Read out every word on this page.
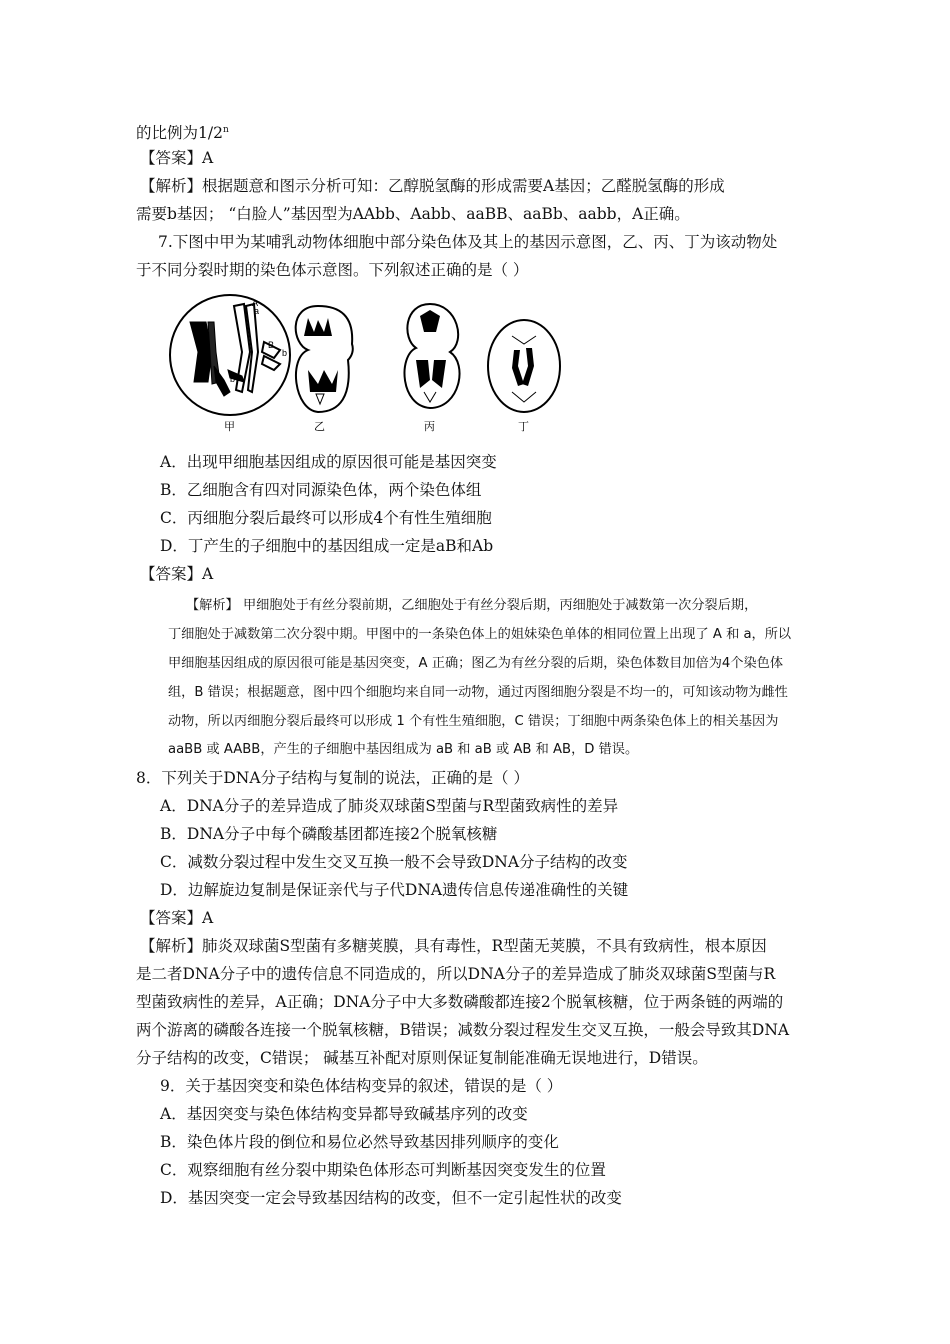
的比例为1/2$^n$
【答案】A
【解析】根据题意和图示分析可知：乙醇脱氢酶的形成需要A基因；乙醛脱氢酶的形成
需要b基因； “白脸人”基因型为AAbb、Aabb、aaBB、aaBb、aabb，A正确。
7.下图中甲为某哺乳动物体细胞中部分染色体及其上的基因示意图，乙、丙、丁为该动物处
于不同分裂时期的染色体示意图。下列叙述正确的是（ ）
A
a
B
b
b
甲	乙	丙	丁
A．出现甲细胞基因组成的原因很可能是基因突变
B．乙细胞含有四对同源染色体，两个染色体组
C．丙细胞分裂后最终可以形成4个有性生殖细胞
D．丁产生的子细胞中的基因组成一定是aB和Ab
【答案】A
【解析】 甲细胞处于有丝分裂前期，乙细胞处于有丝分裂后期，丙细胞处于减数第一次分裂后期，
丁细胞处于减数第二次分裂中期。甲图中的一条染色体上的姐妹染色单体的相同位置上出现了 A 和 a，所以
甲细胞基因组成的原因很可能是基因突变，A 正确；图乙为有丝分裂的后期，染色体数目加倍为4个染色体
组，B 错误；根据题意，图中四个细胞均来自同一动物，通过丙图细胞分裂是不均一的，可知该动物为雌性
动物，所以丙细胞分裂后最终可以形成 1 个有性生殖细胞，C 错误；丁细胞中两条染色体上的相关基因为
aaBB 或 AABB，产生的子细胞中基因组成为 aB 和 aB 或 AB 和 AB，D 错误。
8．下列关于DNA分子结构与复制的说法，正确的是（ ）
A．DNA分子的差异造成了肺炎双球菌S型菌与R型菌致病性的差异
B．DNA分子中每个磷酸基团都连接2个脱氧核糖
C．减数分裂过程中发生交叉互换一般不会导致DNA分子结构的改变
D．边解旋边复制是保证亲代与子代DNA遗传信息传递准确性的关键
【答案】A
【解析】肺炎双球菌S型菌有多糖荚膜，具有毒性，R型菌无荚膜，不具有致病性，根本原因
是二者DNA分子中的遗传信息不同造成的，所以DNA分子的差异造成了肺炎双球菌S型菌与R
型菌致病性的差异，A正确；DNA分子中大多数磷酸都连接2个脱氧核糖，位于两条链的两端的
两个游离的磷酸各连接一个脱氧核糖，B错误；减数分裂过程发生交叉互换，一般会导致其DNA
分子结构的改变，C错误； 碱基互补配对原则保证复制能准确无误地进行，D错误。
9．关于基因突变和染色体结构变异的叙述，错误的是（ ）
A．基因突变与染色体结构变异都导致碱基序列的改变
B．染色体片段的倒位和易位必然导致基因排列顺序的变化
C．观察细胞有丝分裂中期染色体形态可判断基因突变发生的位置
D．基因突变一定会导致基因结构的改变，但不一定引起性状的改变
